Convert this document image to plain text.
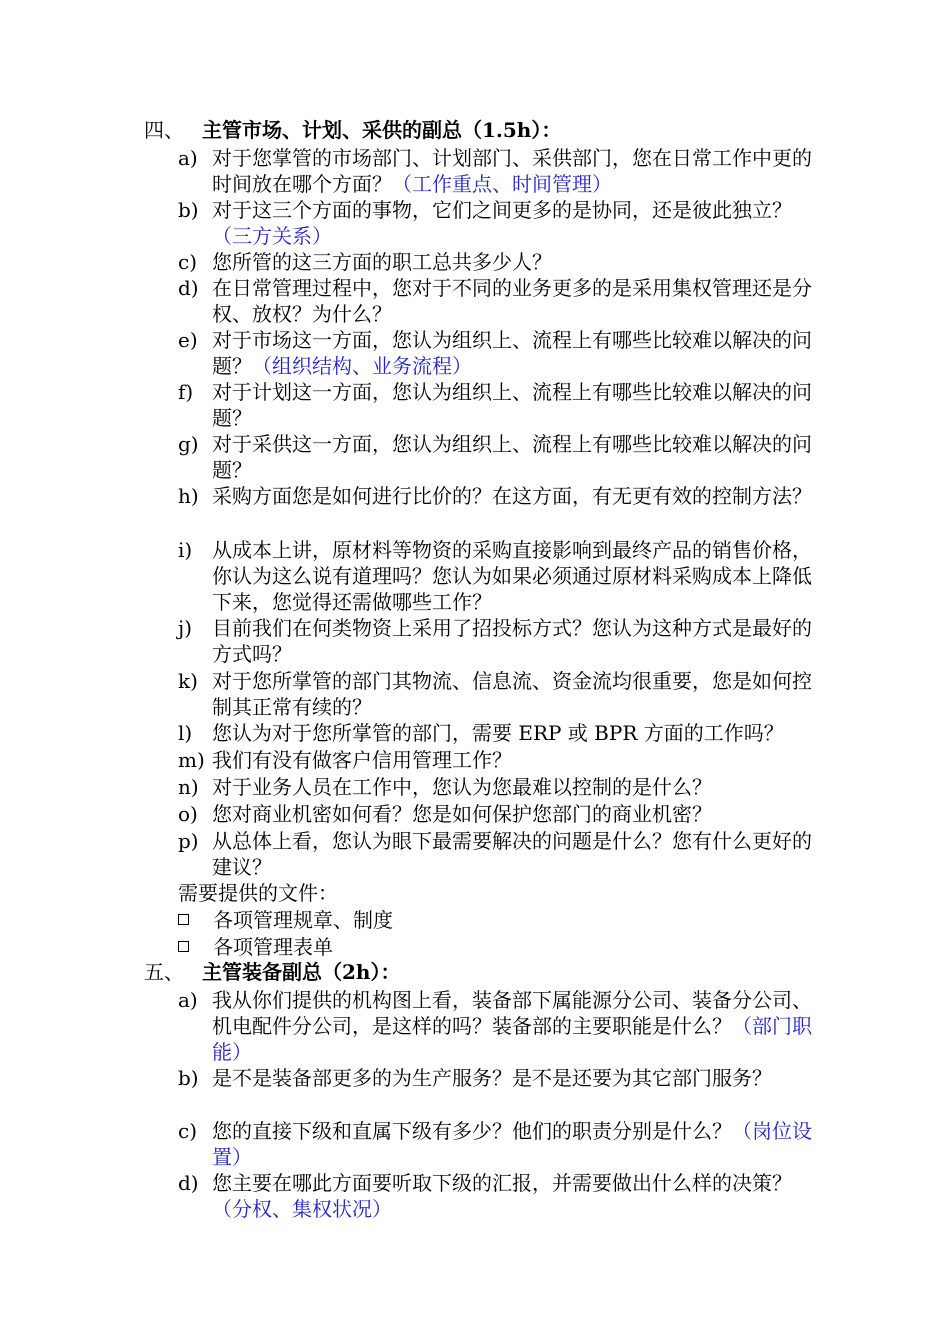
四、 主管市场、计划、采供的副总（1.5h）：
a) 对于您掌管的市场部门、计划部门、采供部门，您在日常工作中更的时间放在哪个方面？（工作重点、时间管理）
b) 对于这三个方面的事物，它们之间更多的是协同，还是彼此独立？（三方关系）
c) 您所管的这三方面的职工总共多少人？
d) 在日常管理过程中，您对于不同的业务更多的是采用集权管理还是分权、放权？为什么？
e) 对于市场这一方面，您认为组织上、流程上有哪些比较难以解决的问题？（组织结构、业务流程）
f) 对于计划这一方面，您认为组织上、流程上有哪些比较难以解决的问题？
g) 对于采供这一方面，您认为组织上、流程上有哪些比较难以解决的问题？
h) 采购方面您是如何进行比价的？在这方面，有无更有效的控制方法？
i) 从成本上讲，原材料等物资的采购直接影响到最终产品的销售价格，你认为这么说有道理吗？您认为如果必须通过原材料采购成本上降低下来，您觉得还需做哪些工作？
j) 目前我们在何类物资上采用了招投标方式？您认为这种方式是最好的方式吗？
k) 对于您所掌管的部门其物流、信息流、资金流均很重要，您是如何控制其正常有续的？
l) 您认为对于您所掌管的部门，需要 ERP 或 BPR 方面的工作吗？
m) 我们有没有做客户信用管理工作？
n) 对于业务人员在工作中，您认为您最难以控制的是什么？
o) 您对商业机密如何看？您是如何保护您部门的商业机密？
p) 从总体上看，您认为眼下最需要解决的问题是什么？您有什么更好的建议？
需要提供的文件：
各项管理规章、制度
各项管理表单
五、 主管装备副总（2h）：
a) 我从你们提供的机构图上看，装备部下属能源分公司、装备分公司、机电配件分公司，是这样的吗？装备部的主要职能是什么？（部门职能）
b) 是不是装备部更多的为生产服务？是不是还要为其它部门服务？
c) 您的直接下级和直属下级有多少？他们的职责分别是什么？（岗位设置）
d) 您主要在哪此方面要听取下级的汇报，并需要做出什么样的决策？（分权、集权状况）
